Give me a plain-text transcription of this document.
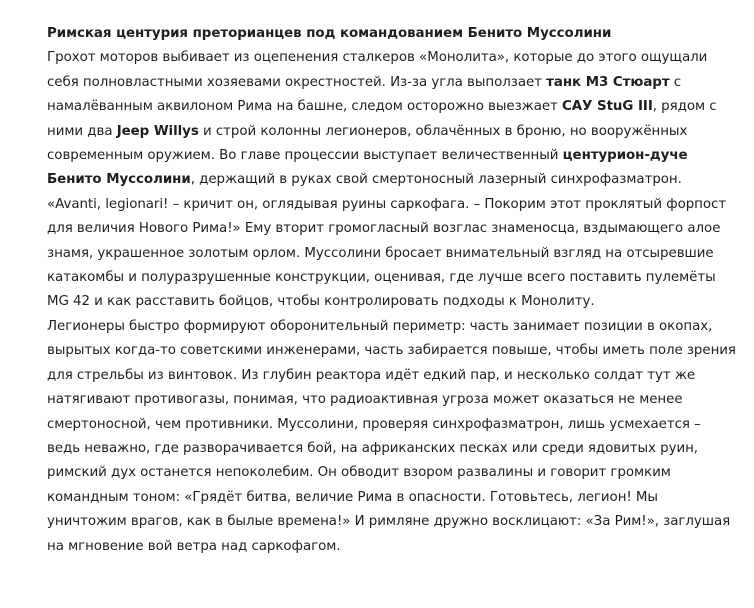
Римская центурия преторианцев под командованием Бенито Муссолини

Грохот моторов выбивает из оцепенения сталкеров «Монолита», которые до этого ощущали себя полновластными хозяевами окрестностей. Из-за угла выползает танк М3 Стюарт с намалёванным аквилоном Рима на башне, следом осторожно выезжает САУ StuG III, рядом с ними два Jeep Willys и строй колонны легионеров, облачённых в броню, но вооружённых современным оружием. Во главе процессии выступает величественный центурион-дуче Бенито Муссолини, держащий в руках свой смертоносный лазерный синхрофазматрон.

«Avanti, legionari! – кричит он, оглядывая руины саркофага. – Покорим этот проклятый форпост для величия Нового Рима!» Ему вторит громогласный возглас знаменосца, вздымающего алое знамя, украшенное золотым орлом. Муссолини бросает внимательный взгляд на отсыревшие катакомбы и полуразрушенные конструкции, оценивая, где лучше всего поставить пулемёты MG 42 и как расставить бойцов, чтобы контролировать подходы к Монолиту.

Легионеры быстро формируют оборонительный периметр: часть занимает позиции в окопах, вырытых когда-то советскими инженерами, часть забирается повыше, чтобы иметь поле зрения для стрельбы из винтовок. Из глубин реактора идёт едкий пар, и несколько солдат тут же натягивают противогазы, понимая, что радиоактивная угроза может оказаться не менее смертоносной, чем противники. Муссолини, проверяя синхрофазматрон, лишь усмехается – ведь неважно, где разворачивается бой, на африканских песках или среди ядовитых руин, римский дух останется непоколебим. Он обводит взором развалины и говорит громким командным тоном: «Грядёт битва, величие Рима в опасности. Готовьтесь, легион! Мы уничтожим врагов, как в былые времена!» И римляне дружно восклицают: «За Рим!», заглушая на мгновение вой ветра над саркофагом.
